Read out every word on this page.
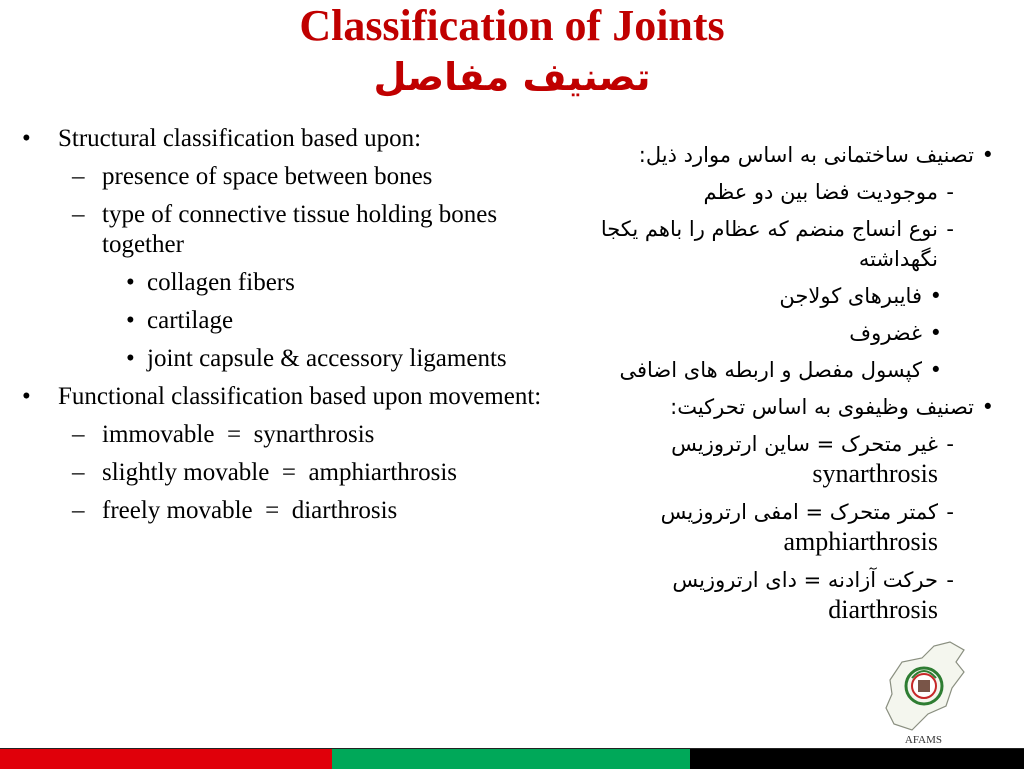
Classification of Joints
تصنیف مفاصل
• Structural classification based upon:
– presence of space between bones
– type of connective tissue holding bones together
• collagen fibers
• cartilage
• joint capsule & accessory ligaments
• Functional classification based upon movement:
– immovable  =  synarthrosis
– slightly movable  =  amphiarthrosis
– freely movable  =  diarthrosis
•
تصنیف ساختمانی به اساس موارد ذیل:
-
موجودیت فضا بین دو عظم
-
نوع انساج منضم که عظام را باهم یکجا نگهداشته
•
فایبرهای کولاجن
•
غضروف
•
کپسول مفصل و اربطه های اضافی
•
تصنیف وظیفوی به اساس تحرکیت:
-
غیر متحرک = ساین ارتروزیس
synarthrosis
-
کمتر متحرک = امفی ارتروزیس
amphiarthrosis
-
حرکت آزادنه = دای ارتروزیس
diarthrosis
AFAMS
